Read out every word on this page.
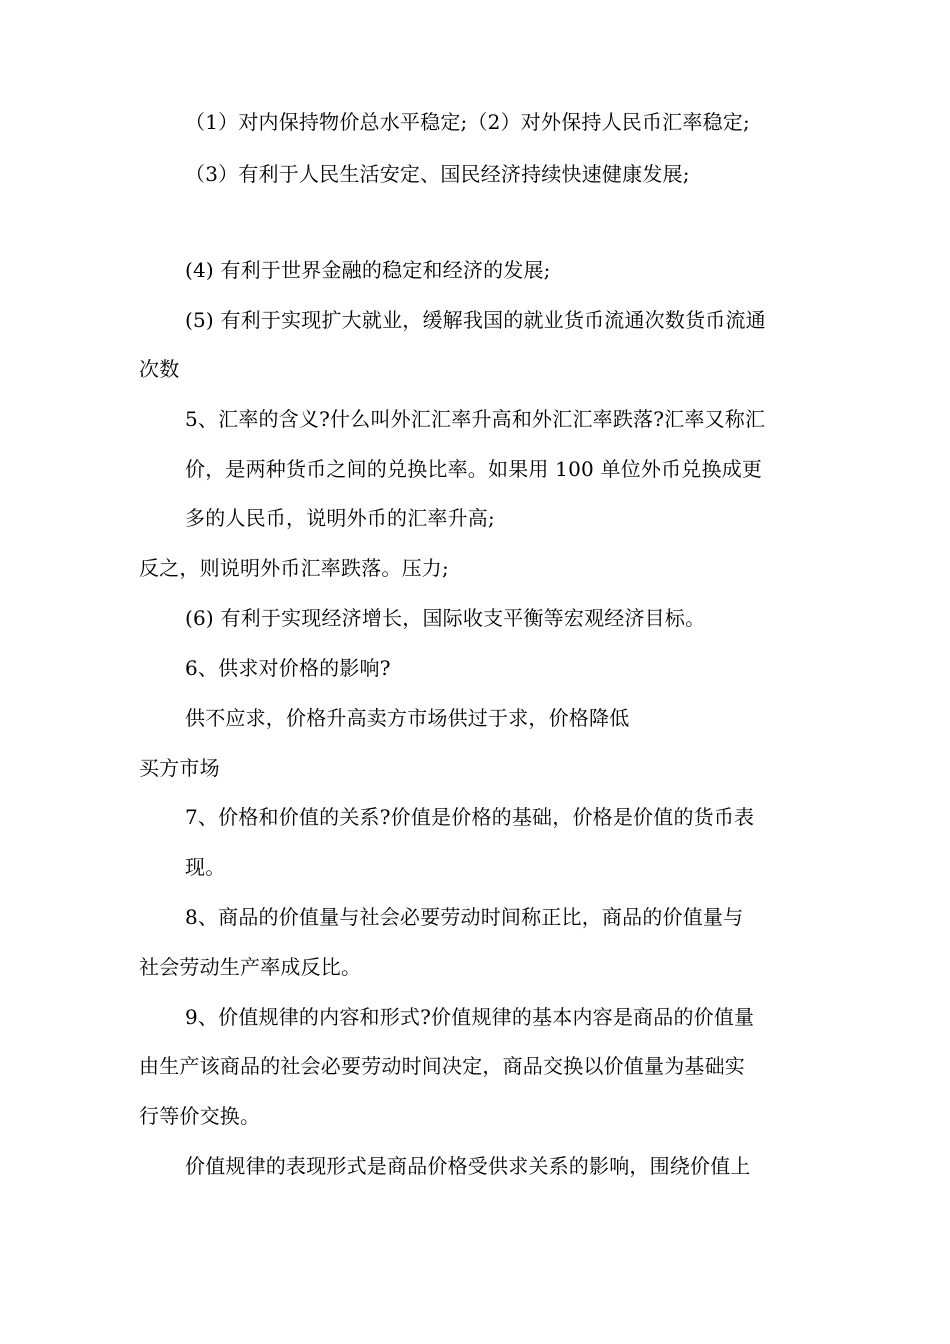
（1）对内保持物价总水平稳定;（2）对外保持人民币汇率稳定;
（3）有利于人民生活安定、国民经济持续快速健康发展;
(4) 有利于世界金融的稳定和经济的发展;
(5) 有利于实现扩大就业，缓解我国的就业货币流通次数货币流通
次数
5、汇率的含义?什么叫外汇汇率升高和外汇汇率跌落?汇率又称汇
价，是两种货币之间的兑换比率。如果用 100 单位外币兑换成更
多的人民币，说明外币的汇率升高;
反之，则说明外币汇率跌落。压力;
(6) 有利于实现经济增长，国际收支平衡等宏观经济目标。
6、供求对价格的影响?
供不应求，价格升高卖方市场供过于求，价格降低
买方市场
7、价格和价值的关系?价值是价格的基础，价格是价值的货币表
现。
8、商品的价值量与社会必要劳动时间称正比，商品的价值量与
社会劳动生产率成反比。
9、价值规律的内容和形式?价值规律的基本内容是商品的价值量
由生产该商品的社会必要劳动时间决定，商品交换以价值量为基础实
行等价交换。
价值规律的表现形式是商品价格受供求关系的影响，围绕价值上
